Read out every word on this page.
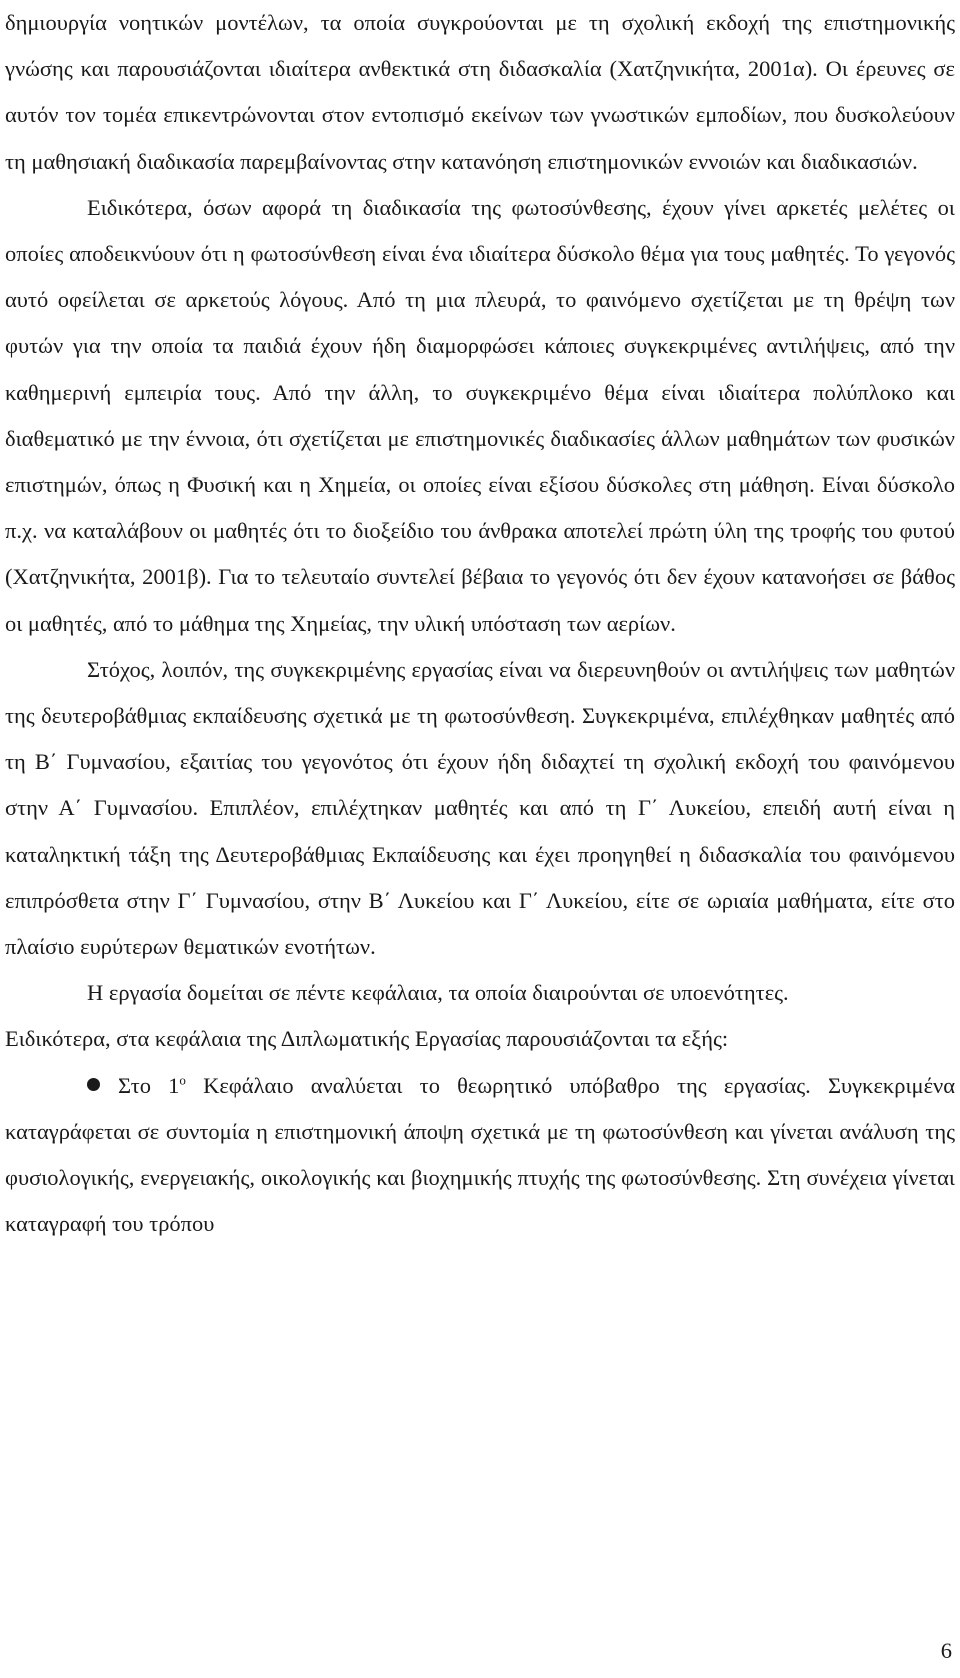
δημιουργία νοητικών μοντέλων, τα οποία συγκρούονται με τη σχολική εκδοχή της επιστημονικής γνώσης και παρουσιάζονται ιδιαίτερα ανθεκτικά στη διδασκαλία (Χατζηνικήτα, 2001α). Οι έρευνες σε αυτόν τον τομέα επικεντρώνονται στον εντοπισμό εκείνων των γνωστικών εμποδίων, που δυσκολεύουν τη μαθησιακή διαδικασία παρεμβαίνοντας στην κατανόηση επιστημονικών εννοιών και διαδικασιών.

Ειδικότερα, όσων αφορά τη διαδικασία της φωτοσύνθεσης, έχουν γίνει αρκετές μελέτες οι οποίες αποδεικνύουν ότι η φωτοσύνθεση είναι ένα ιδιαίτερα δύσκολο θέμα για τους μαθητές. Το γεγονός αυτό οφείλεται σε αρκετούς λόγους. Από τη μια πλευρά, το φαινόμενο σχετίζεται με τη θρέψη των φυτών για την οποία τα παιδιά έχουν ήδη διαμορφώσει κάποιες συγκεκριμένες αντιλήψεις, από την καθημερινή εμπειρία τους. Από την άλλη, το συγκεκριμένο θέμα είναι ιδιαίτερα πολύπλοκο και διαθεματικό με την έννοια, ότι σχετίζεται με επιστημονικές διαδικασίες άλλων μαθημάτων των φυσικών επιστημών, όπως η Φυσική και η Χημεία, οι οποίες είναι εξίσου δύσκολες στη μάθηση. Είναι δύσκολο π.χ. να καταλάβουν οι μαθητές ότι το διοξείδιο του άνθρακα αποτελεί πρώτη ύλη της τροφής του φυτού (Χατζηνικήτα, 2001β). Για το τελευταίο συντελεί βέβαια το γεγονός ότι δεν έχουν κατανοήσει σε βάθος οι μαθητές, από το μάθημα της Χημείας, την υλική υπόσταση των αερίων.

Στόχος, λοιπόν, της συγκεκριμένης εργασίας είναι να διερευνηθούν οι αντιλήψεις των μαθητών της δευτεροβάθμιας εκπαίδευσης σχετικά με τη φωτοσύνθεση. Συγκεκριμένα, επιλέχθηκαν μαθητές από τη Β΄ Γυμνασίου, εξαιτίας του γεγονότος ότι έχουν ήδη διδαχτεί τη σχολική εκδοχή του φαινόμενου στην Α΄ Γυμνασίου. Επιπλέον, επιλέχτηκαν μαθητές και από τη Γ΄ Λυκείου, επειδή αυτή είναι η καταληκτική τάξη της Δευτεροβάθμιας Εκπαίδευσης και έχει προηγηθεί η διδασκαλία του φαινόμενου επιπρόσθετα στην Γ΄ Γυμνασίου, στην Β΄ Λυκείου και Γ΄ Λυκείου, είτε σε ωριαία μαθήματα, είτε στο πλαίσιο ευρύτερων θεματικών ενοτήτων.

Η εργασία δομείται σε πέντε κεφάλαια, τα οποία διαιρούνται σε υποενότητες.

Ειδικότερα, στα κεφάλαια της Διπλωματικής Εργασίας παρουσιάζονται τα εξής:

Στο $1^o$ Κεφάλαιο αναλύεται το θεωρητικό υπόβαθρο της εργασίας. Συγκεκριμένα καταγράφεται σε συντομία η επιστημονική άποψη σχετικά με τη φωτοσύνθεση και γίνεται ανάλυση της φυσιολογικής, ενεργειακής, οικολογικής και βιοχημικής πτυχής της φωτοσύνθεσης. Στη συνέχεια γίνεται καταγραφή του τρόπου

6
